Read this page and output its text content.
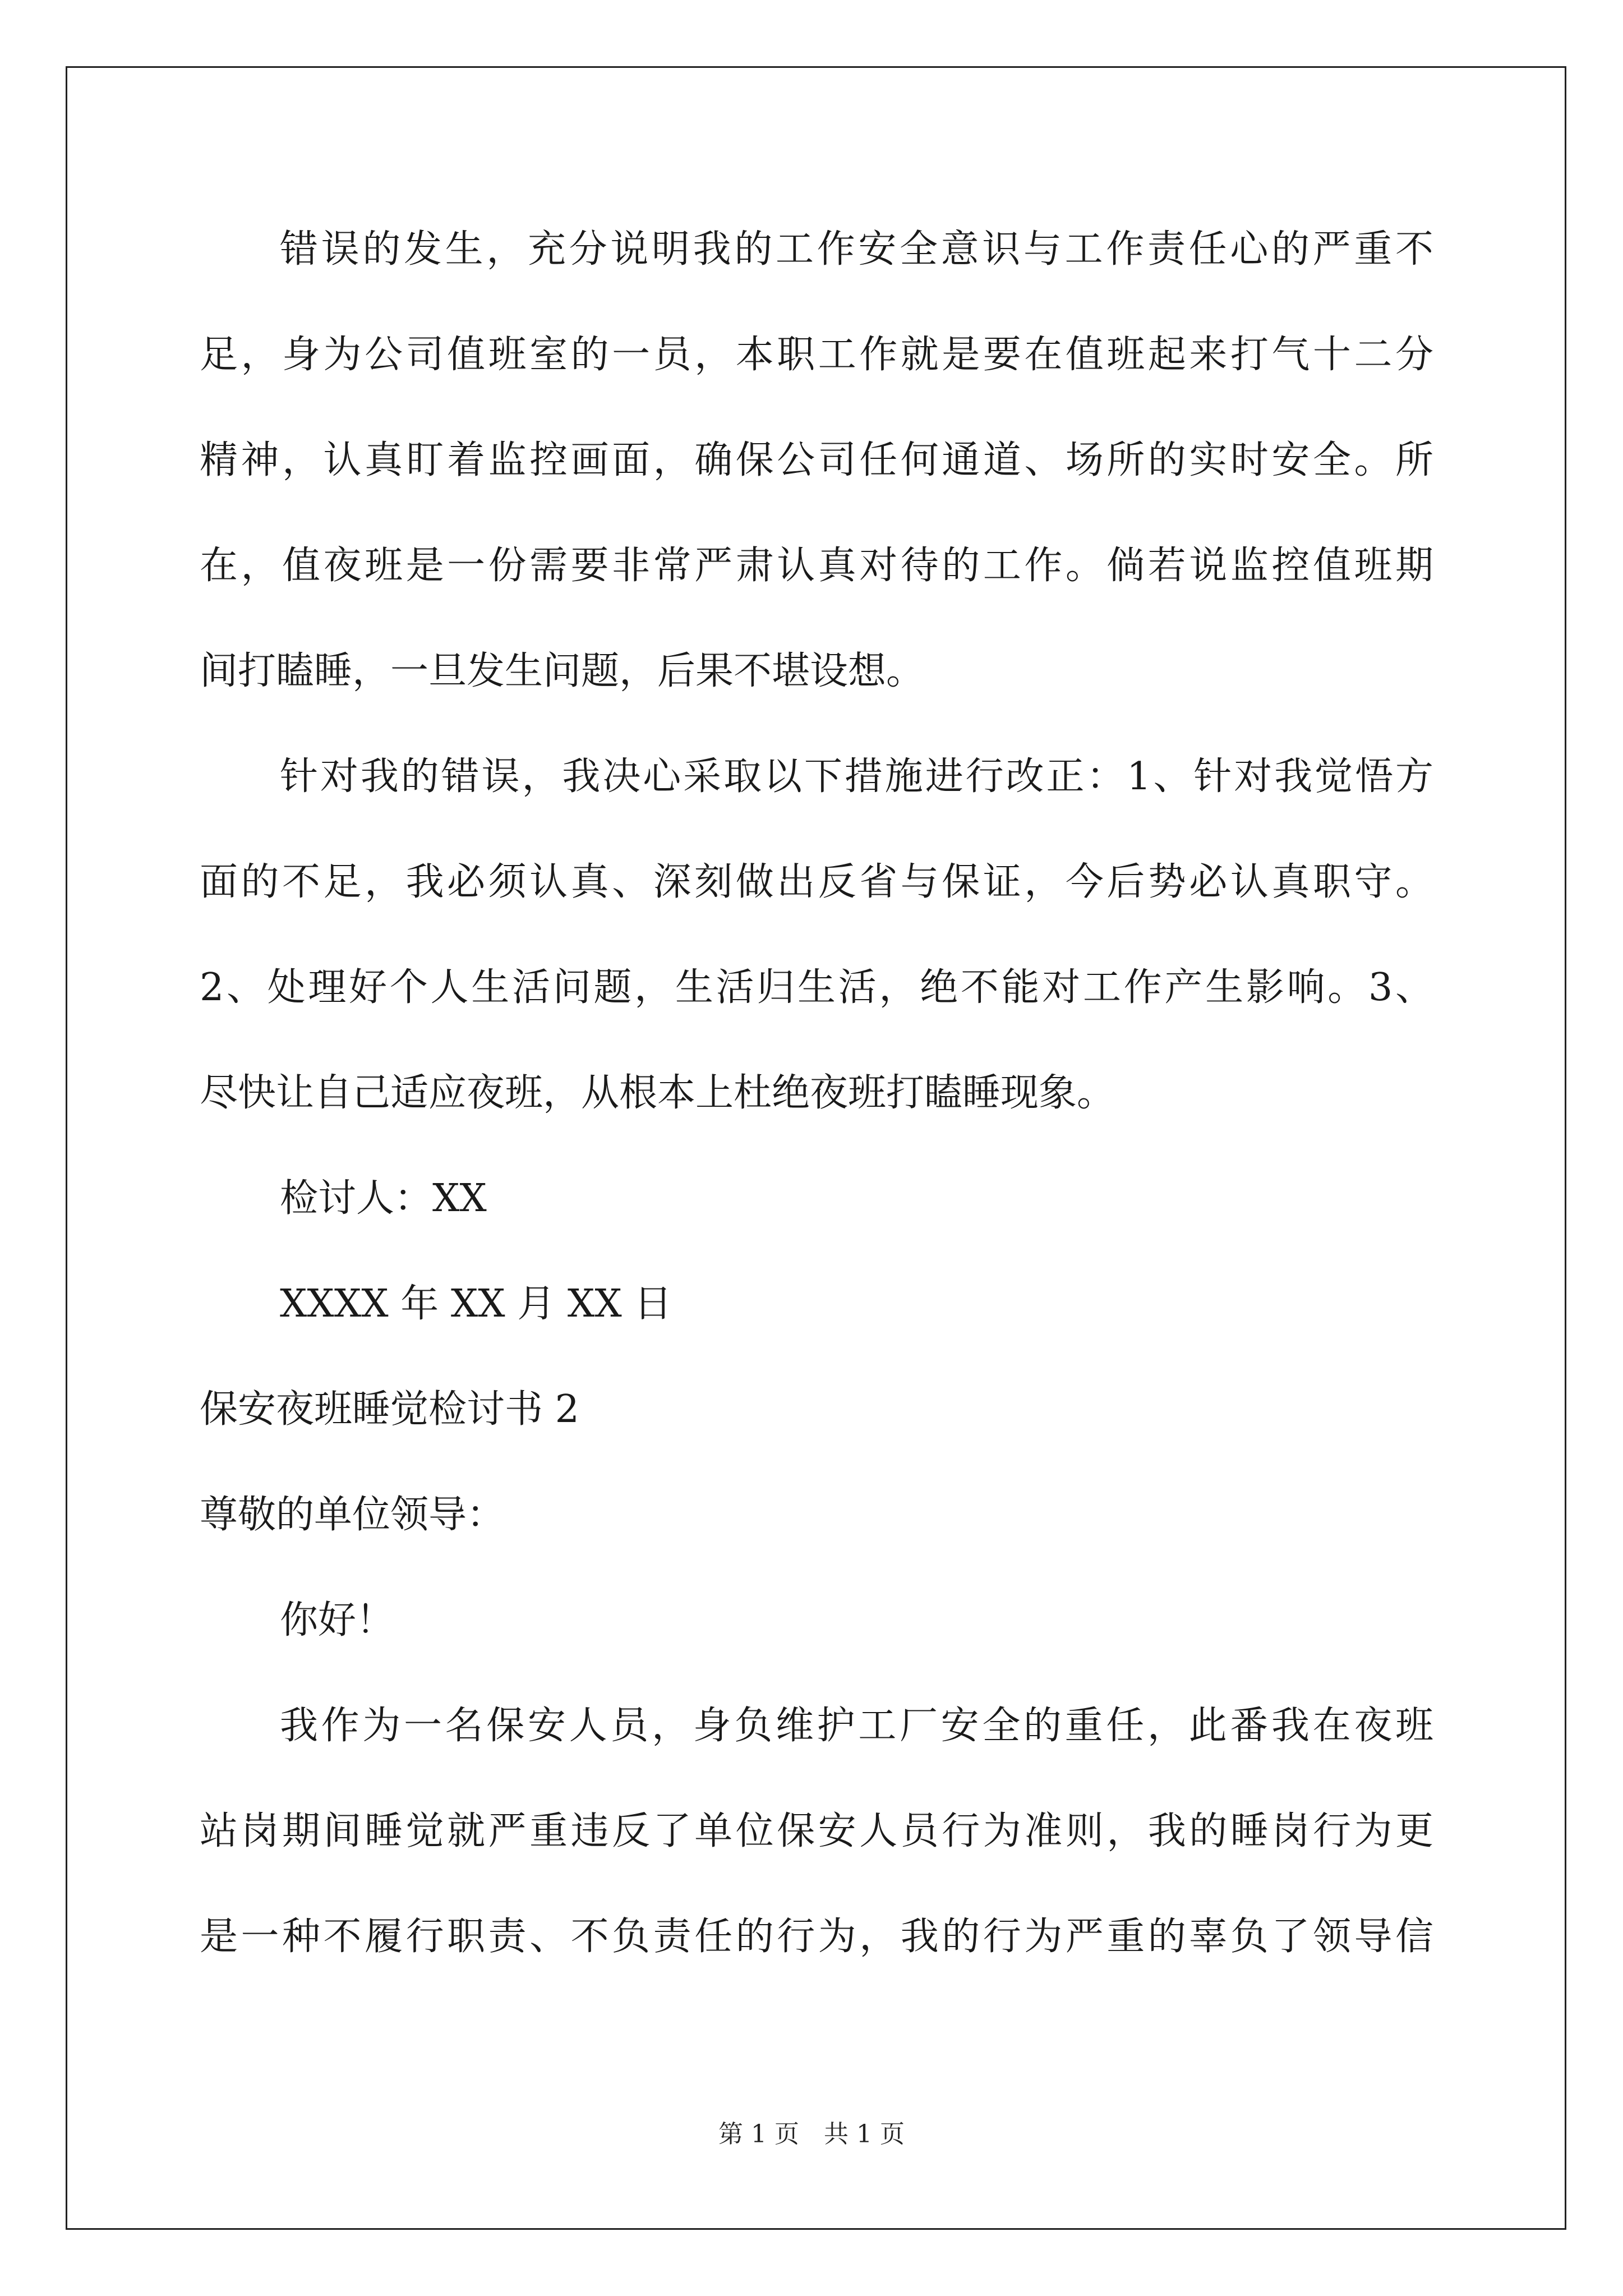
错误的发生，充分说明我的工作安全意识与工作责任心的严重不
足，身为公司值班室的一员，本职工作就是要在值班起来打气十二分
精神，认真盯着监控画面，确保公司任何通道、场所的实时安全。所
在，值夜班是一份需要非常严肃认真对待的工作。倘若说监控值班期
间打瞌睡，一旦发生问题，后果不堪设想。
针对我的错误，我决心采取以下措施进行改正：1、针对我觉悟方
面的不足，我必须认真、深刻做出反省与保证，今后势必认真职守。
2、处理好个人生活问题，生活归生活，绝不能对工作产生影响。3、
尽快让自己适应夜班，从根本上杜绝夜班打瞌睡现象。
检讨人：XX
XXXX 年 XX 月 XX 日
保安夜班睡觉检讨书 2
尊敬的单位领导：
你好！
我作为一名保安人员，身负维护工厂安全的重任，此番我在夜班
站岗期间睡觉就严重违反了单位保安人员行为准则，我的睡岗行为更
是一种不履行职责、不负责任的行为，我的行为严重的辜负了领导信
第 1 页　共 1 页
